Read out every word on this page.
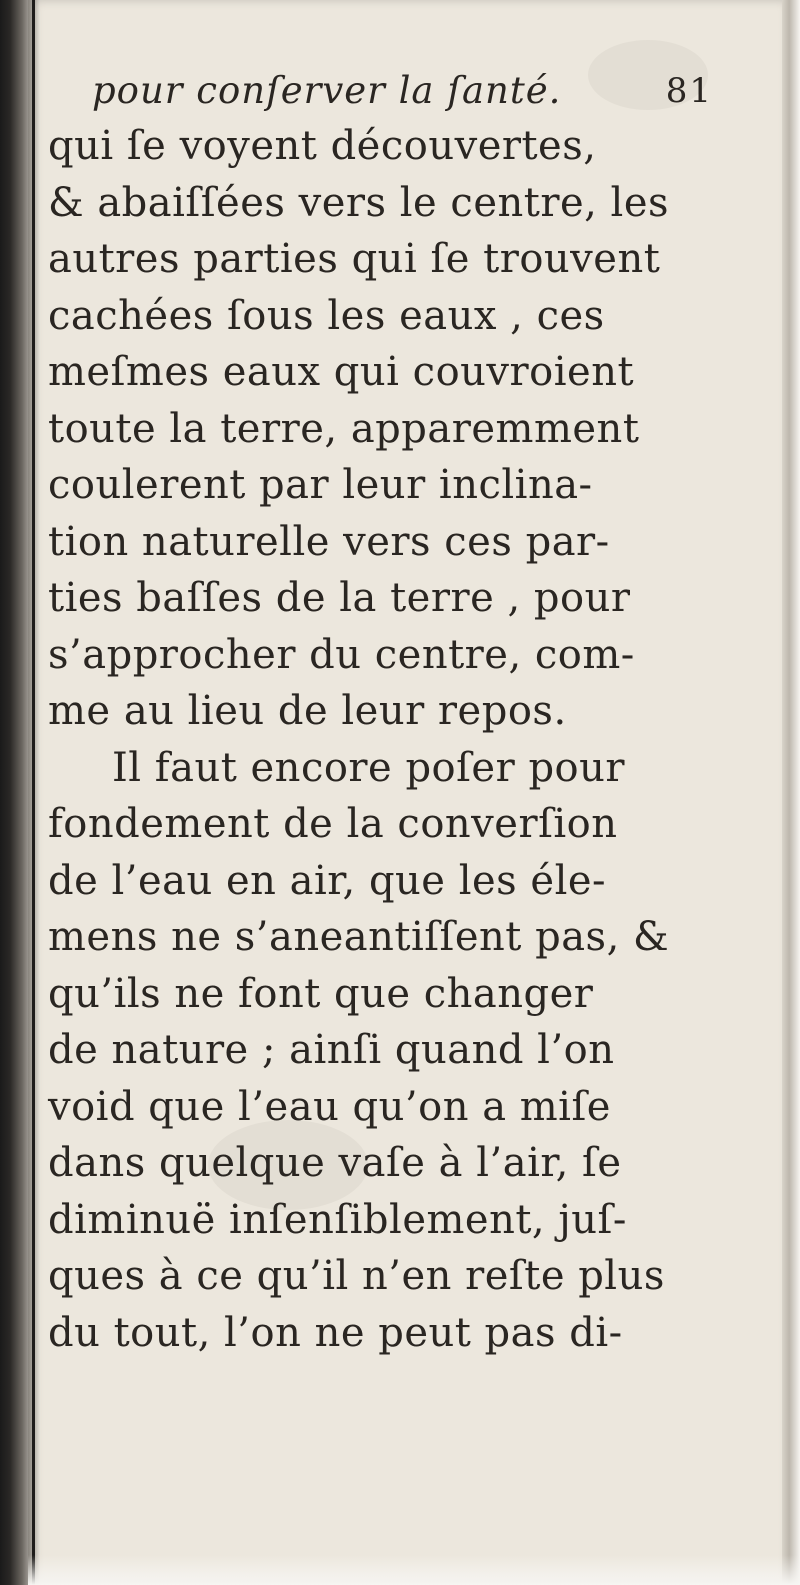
pour conſerver la ſanté.	81
qui ſe voyent découvertes,
& abaiſſées vers le centre, les
autres parties qui ſe trouvent
cachées ſous les eaux , ces
meſmes eaux qui couvroient
toute la terre, apparemment
coulerent par leur inclina-
tion naturelle vers ces par-
ties baſſes de la terre , pour
s’approcher du centre, com-
me au lieu de leur repos.
Il faut encore poſer pour
fondement de la converſion
de l’eau en air, que les éle-
mens ne s’aneantiſſent pas, &
qu’ils ne font que changer
de nature ; ainſi quand l’on
void que l’eau qu’on a miſe
dans quelque vaſe à l’air, ſe
diminuë inſenſiblement, juſ-
ques à ce qu’il n’en reſte plus
du tout, l’on ne peut pas di-
